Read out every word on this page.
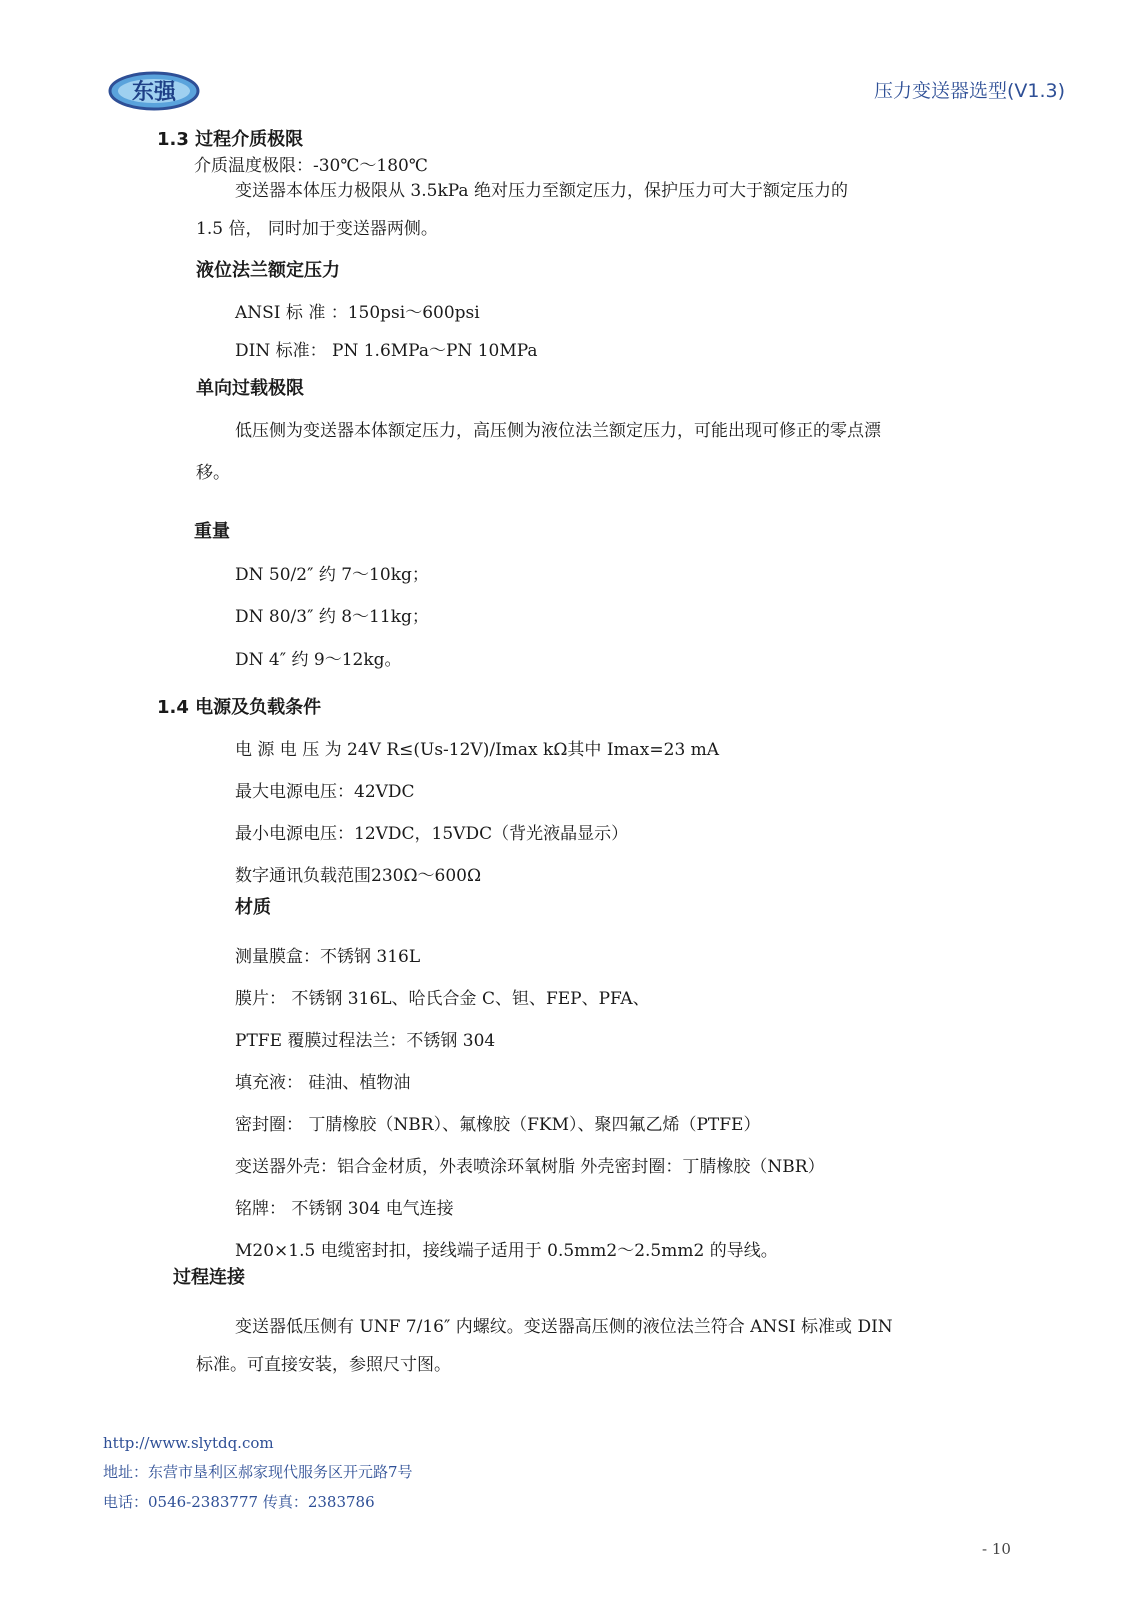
东强	压力变送器选型(V1.3)
1.3 过程介质极限
介质温度极限：-30℃～180℃
变送器本体压力极限从 3.5kPa 绝对压力至额定压力，保护压力可大于额定压力的
1.5 倍， 同时加于变送器两侧。
液位法兰额定压力
ANSI 标 准 ：150psi～600psi
DIN 标准： PN 1.6MPa～PN 10MPa
单向过载极限
低压侧为变送器本体额定压力，高压侧为液位法兰额定压力，可能出现可修正的零点漂
移。
重量
DN 50/2″ 约 7～10kg；
DN 80/3″ 约 8～11kg；
DN 4″ 约 9～12kg。
1.4 电源及负载条件
电 源 电 压 为 24V R≤(Us-12V)/Imax kΩ其中 Imax=23 mA
最大电源电压：42VDC
最小电源电压：12VDC，15VDC（背光液晶显示）
数字通讯负载范围230Ω～600Ω
材质
测量膜盒：不锈钢 316L
膜片： 不锈钢 316L、哈氏合金 C、钽、FEP、PFA、
PTFE 覆膜过程法兰：不锈钢 304
填充液： 硅油、植物油
密封圈： 丁腈橡胶（NBR）、氟橡胶（FKM）、聚四氟乙烯（PTFE）
变送器外壳：铝合金材质，外表喷涂环氧树脂 外壳密封圈：丁腈橡胶（NBR）
铭牌： 不锈钢 304 电气连接
M20×1.5 电缆密封扣，接线端子适用于 0.5mm2～2.5mm2 的导线。
过程连接
变送器低压侧有 UNF 7/16″ 内螺纹。变送器高压侧的液位法兰符合 ANSI 标准或 DIN
标准。可直接安装，参照尺寸图。
http://www.slytdq.com
地址：东营市垦利区郝家现代服务区开元路7号
电话：0546-2383777 传真：2383786
- 10
